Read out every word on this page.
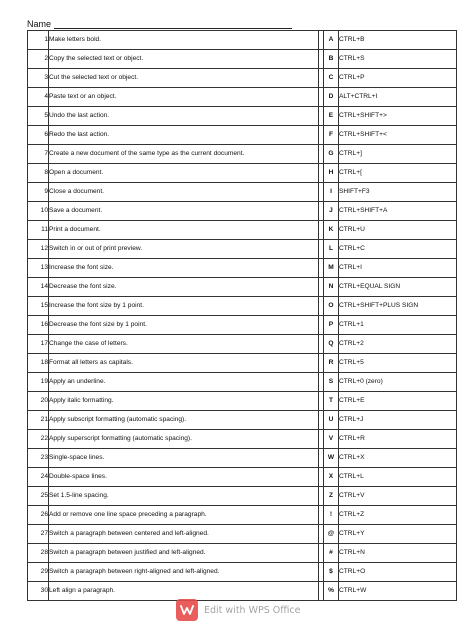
Name
1	Make letters bold.		A	CTRL+B
2	Copy the selected text or object.		B	CTRL+S
3	Cut the selected text or object.		C	CTRL+P
4	Paste text or an object.		D	ALT+CTRL+I
5	Undo the last action.		E	CTRL+SHIFT+>
6	Redo the last action.		F	CTRL+SHIFT+<
7	Create a new document of the same type as the current document.		G	CTRL+]
8	Open a document.		H	CTRL+[
9	Close a document.		I	SHIFT+F3
10	Save a document.		J	CTRL+SHIFT+A
11	Print a document.		K	CTRL+U
12	Switch in or out of print preview.		L	CTRL+C
13	Increase the font size.		M	CTRL+I
14	Decrease the font size.		N	CTRL+EQUAL SIGN
15	Increase the font size by 1 point.		O	CTRL+SHIFT+PLUS SIGN
16	Decrease the font size by 1 point.		P	CTRL+1
17	Change the case of letters.		Q	CTRL+2
18	Format all letters as capitals.		R	CTRL+5
19	Apply an underline.		S	CTRL+0 (zero)
20	Apply italic formatting.		T	CTRL+E
21	Apply subscript formatting (automatic spacing).		U	CTRL+J
22	Apply superscript formatting (automatic spacing).		V	CTRL+R
23	Single-space lines.		W	CTRL+X
24	Double-space lines.		X	CTRL+L
25	Set 1.5-line spacing.		Z	CTRL+V
26	Add or remove one line space preceding a paragraph.		!	CTRL+Z
27	Switch a paragraph between centered and left-aligned.		@	CTRL+Y
28	Switch a paragraph between justified and left-aligned.		#	CTRL+N
29	Switch a paragraph between right-aligned and left-aligned.		$	CTRL+O
30	Left align a paragraph.		%	CTRL+W
Edit with WPS Office
